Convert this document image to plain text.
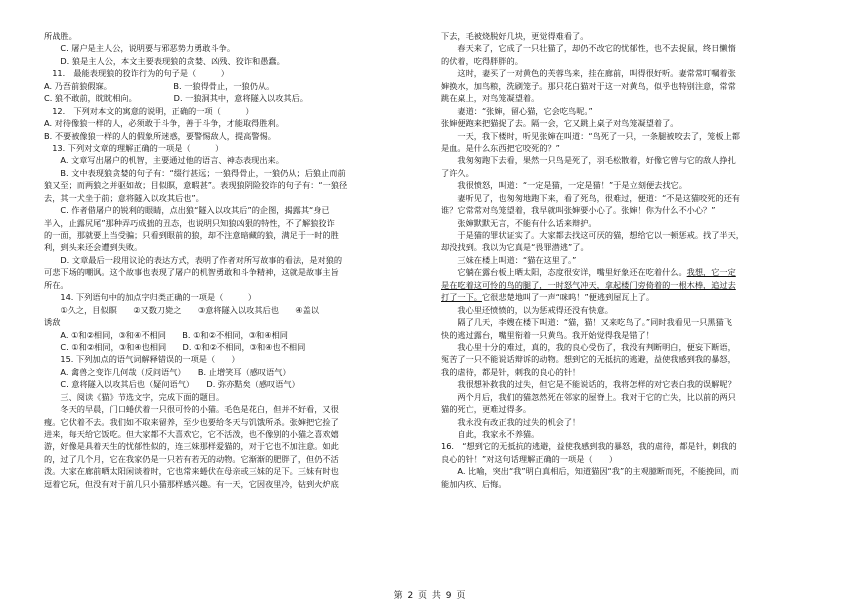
所战胜。
　　C. 屠户是主人公，说明要与邪恶势力勇敢斗争。
　　D. 狼是主人公，本文主要表现狼的贪婪、凶残、狡诈和愚蠢。
　11.　最能表现狼的狡诈行为的句子是（　　　）
A. 乃吾前狼假寐。　　　　　　　　B. 一狼得骨止，一狼仍从。
C. 狼不敢前，眈眈相向。　　　　　D. 一狼洞其中，意将隧入以攻其后。
　12.　下列对本文的寓意的说明，正确的一项（　　　）
A. 对待像狼一样的人，必须敢于斗争，善于斗争，才能取得胜利。
B. 不要被像狼一样的人的假象所迷惑，要警惕敌人，提高警惕。
　13. 下列对文章的理解正确的一项是（　　　）
　　A. 文章写出屠户的机智，主要通过他的语言、神态表现出来。
　　B. 文中表现狼贪婪的句子有：“缀行甚远；一狼得骨止，一狼仍从；后狼止而前
狼又至；而两狼之并驱如故；目似瞑，意暇甚”。表现狼阴险狡诈的句子有：“一狼径
去，其一犬坐于前；意将隧入以攻其后也”。
　　C. 作者借屠户的锐利的眼睛，点出狼“隧入以攻其后”的企图，揭露其“身已
半入，止露尻尾”那种弄巧成拙的丑态，也说明只知狼凶狠的特性，不了解狼狡诈
的一面，那就要上当受骗；只看到眼前的狼，却不注意暗藏的狼，满足于一时的胜
利，到头来还会遭到失败。
　　D. 文章最后一段用议论的表达方式，表明了作者对所写故事的看法，是对狼的
可悲下场的嘲讽。这个故事也表现了屠户的机智勇敢和斗争精神，这就是故事主旨
所在。
　　14. 下列语句中的加点字归类正确的一项是（　　　）
　　①久之，目似瞑　　②又数刀毙之　　③意将隧入以攻其后也　　④盖以
诱敌
　　A. ①和②相同，③和④不相同　　B. ①和②不相同，③和④相同
　　C. ①和②相同，③和④也相同　　D. ①和②不相同，③和④也不相同
　　15. 下列加点的语气词解释错误的一项是（　　）
　　A. 禽兽之变诈几何哉（反问语气）　　B. 止增笑耳（感叹语气）
　　C. 意将隧入以攻其后也（疑问语气）　　D. 弥亦黠矣（感叹语气）
　　三、阅读《猫》节选文字，完成下面的题目。
　　冬天的早晨，门口蜷伏着一只很可怜的小猫。毛色是花白，但并不好看，又很
瘦。它伏着不去。我们如不取来留养，至少也要给冬天与饥饿所杀。张婶把它捡了
进来，每天给它饭吃。但大家都不大喜欢它，它不活泼，也不像别的小猫之喜欢嬉
游，好像是具着天生的忧郁性似的，连三妹那样爱猫的，对于它也不加注意。如此
的，过了几个月，它在我家仍是一只若有若无的动物。它渐渐的肥胖了，但仍不活
泼。大家在廊前晒太阳闲谈着时，它也常来蜷伏在母亲或三妹的足下。三妹有时也
逗着它玩，但没有对于前几只小猫那样感兴趣。有一天，它因夜里冷，钻到火炉底
下去，毛被烧脱好几块，更觉得难看了。
　　春天来了，它成了一只壮猫了，却仍不改它的忧郁性，也不去捉鼠，终日懒惰
的伏着，吃得胖胖的。
　　这时，妻买了一对黄色的芙蓉鸟来，挂在廊前，叫得很好听。妻常常叮嘱着张
婶换水，加鸟粮，洗刷笼子。那只花白猫对于这一对黄鸟，似乎也特别注意，常常
跳在桌上，对鸟笼凝望着。
　　妻道：“张婶，留心猫，它会吃鸟呢。”
张婶便跑来把猫捉了去。隔一会，它又跳上桌子对鸟笼凝望着了。
　　一天，我下楼时，听见张婶在叫道：“鸟死了一只，一条腿被咬去了，笼板上都
是血。是什么东西把它咬死的？”
　　我匆匆跑下去看，果然一只鸟是死了，羽毛松散着，好像它曾与它的敌人挣扎
了许久。
　　我很愤怒，叫道：“一定是猫，一定是猫！”于是立刻便去找它。
　　妻听见了，也匆匆地跑下来，看了死鸟，很难过，便道：“不是这猫咬死的还有
谁？它常常对鸟笼望着，我早就叫张婶要小心了。张婶！你为什么不小心？”
　　张婶默默无言，不能有什么话来辩护。
　　于是猫的罪状证实了。大家都去找这可厌的猫，想给它以一顿惩戒。找了半天，
却没找到。我以为它真是“畏罪潜逃”了。
　　三妹在楼上叫道：“猫在这里了。”
　　它躺在露台板上晒太阳，态度很安详，嘴里好象还在吃着什么。我想，它一定
是在吃着这可怜的鸟的腿了，一时怒气冲天，拿起楼门旁倚着的一根木棒，追过去
打了一下。它很悲楚地叫了一声“咪呜！”便逃到屋瓦上了。
　　我心里还愤愤的，以为惩戒得还没有快意。
　　隔了几天，李嫂在楼下叫道：“猫，猫！又来吃鸟了。”同时我看见一只黑猫飞
快的逃过露台，嘴里衔着一只黄鸟。我开始觉得我是错了！
　　我心里十分的难过，真的，我的良心受伤了，我没有判断明白，便妄下断语，
冤苦了一只不能说话辩诉的动物。想到它的无抵抗的逃避，益使我感到我的暴怒，
我的虐待，都是针，刺我的良心的针！
　　我很想补救我的过失，但它是不能说话的，我将怎样的对它表白我的误解呢？
　　两个月后，我们的猫忽然死在邻家的屋脊上。我对于它的亡失，比以前的两只
猫的死亡，更难过得多。
　　我永没有改正我的过失的机会了！
　　自此，我家永不养猫。
16.　“想到它的无抵抗的逃避，益使我感到我的暴怒，我的虐待，都是针，刺我的
良心的针！”对这句话理解正确的一项是（　　）
　　A. 比喻，突出“我”明白真相后，知道猫因“我”的主观臆断而死，不能挽回，而
能加内疚、后悔。
第 2 页 共 9 页
